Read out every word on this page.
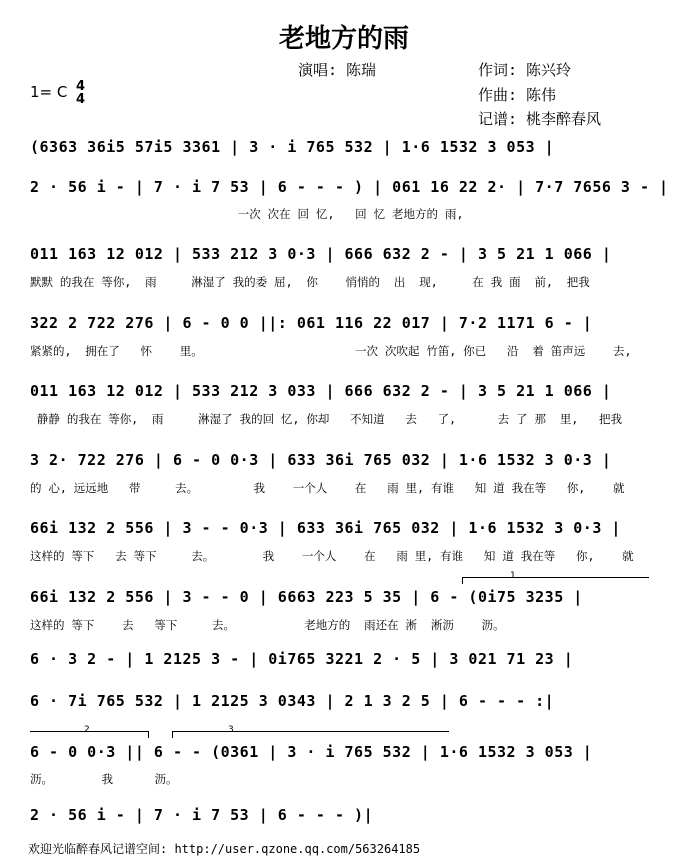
老地方的雨
演唱: 陈瑞	作词: 陈兴玲
作曲: 陈伟
记谱: 桃李醉春风
1= C 4
4
(6363 36i5 57i5 3361 | 3 · i 765 532 | 1·6 1532 3 053 |
2 · 56 i - | 7 · i 7 53 | 6 - - - ) | 061 16 22 2· | 7·7 7656 3 - |
一次 次在 回 忆,   回 忆 老地方的 雨,
011 163 12 012 | 533 212 3 0·3 | 666 632 2 - | 3 5 21 1 066 |
默默 的我在 等你,  雨     淋湿了 我的委 屈,  你    悄悄的  出  现,     在 我 面  前,  把我
322 2 722 276 | 6 - 0 0 ||: 061 116 22 017 | 7·2 1171 6 - |
紧紧的,  拥在了   怀    里。                      一次 次吹起 竹笛, 你已   沿  着 笛声远    去,
011 163 12 012 | 533 212 3 033 | 666 632 2 - | 3 5 21 1 066 |
静静 的我在 等你,  雨     淋湿了 我的回 忆, 你却   不知道   去   了,      去 了 那  里,   把我
3 2· 722 276 | 6 - 0 0·3 | 633 36i 765 032 | 1·6 1532 3 0·3 |
的 心, 远远地   带     去。        我    一个人    在   雨 里, 有谁   知 道 我在等   你,    就
66i 132 2 556 | 3 - - 0·3 | 633 36i 765 032 | 1·6 1532 3 0·3 |
这样的 等下   去 等下     去。       我    一个人    在   雨 里, 有谁   知 道 我在等   你,    就
1
66i 132 2 556 | 3 - - 0 | 6663 223 5 35 | 6 - (0i75 3235 |
这样的 等下    去   等下     去。          老地方的  雨还在 淅  淅沥    沥。
6 · 3 2 - | 1 2125 3 - | 0i765 3221 2 · 5 | 3 021 71 23 |
6 · 7i 765 532 | 1 2125 3 0343 | 2 1 3 2 5 | 6 - - - :|
2	3
6 - 0 0·3 || 6 - - (0361 | 3 · i 765 532 | 1·6 1532 3 053 |
沥。       我      沥。
2 · 56 i - | 7 · i 7 53 | 6 - - - )|
欢迎光临醉春风记谱空间: http://user.qzone.qq.com/563264185
